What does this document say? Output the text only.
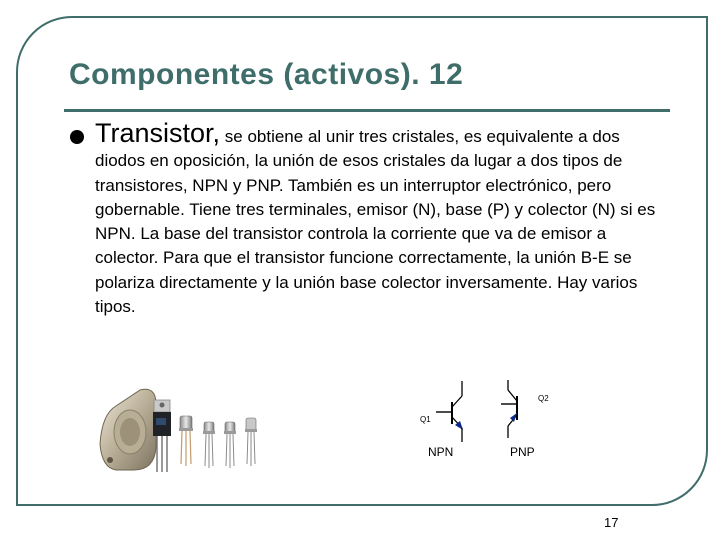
Componentes (activos). 12

Transistor, se obtiene al unir tres cristales, es equivalente a dos diodos en oposición, la unión de esos cristales da lugar a dos tipos de transistores, NPN y PNP. También es un interruptor electrónico, pero gobernable. Tiene tres terminales, emisor (N), base (P) y colector (N) si es NPN. La base del transistor controla la corriente que va de emisor a colector. Para que el transistor funcione correctamente, la unión B-E se polariza directamente y la unión base colector inversamente. Hay varios tipos.

Q1
NPN
Q2
PNP
17
